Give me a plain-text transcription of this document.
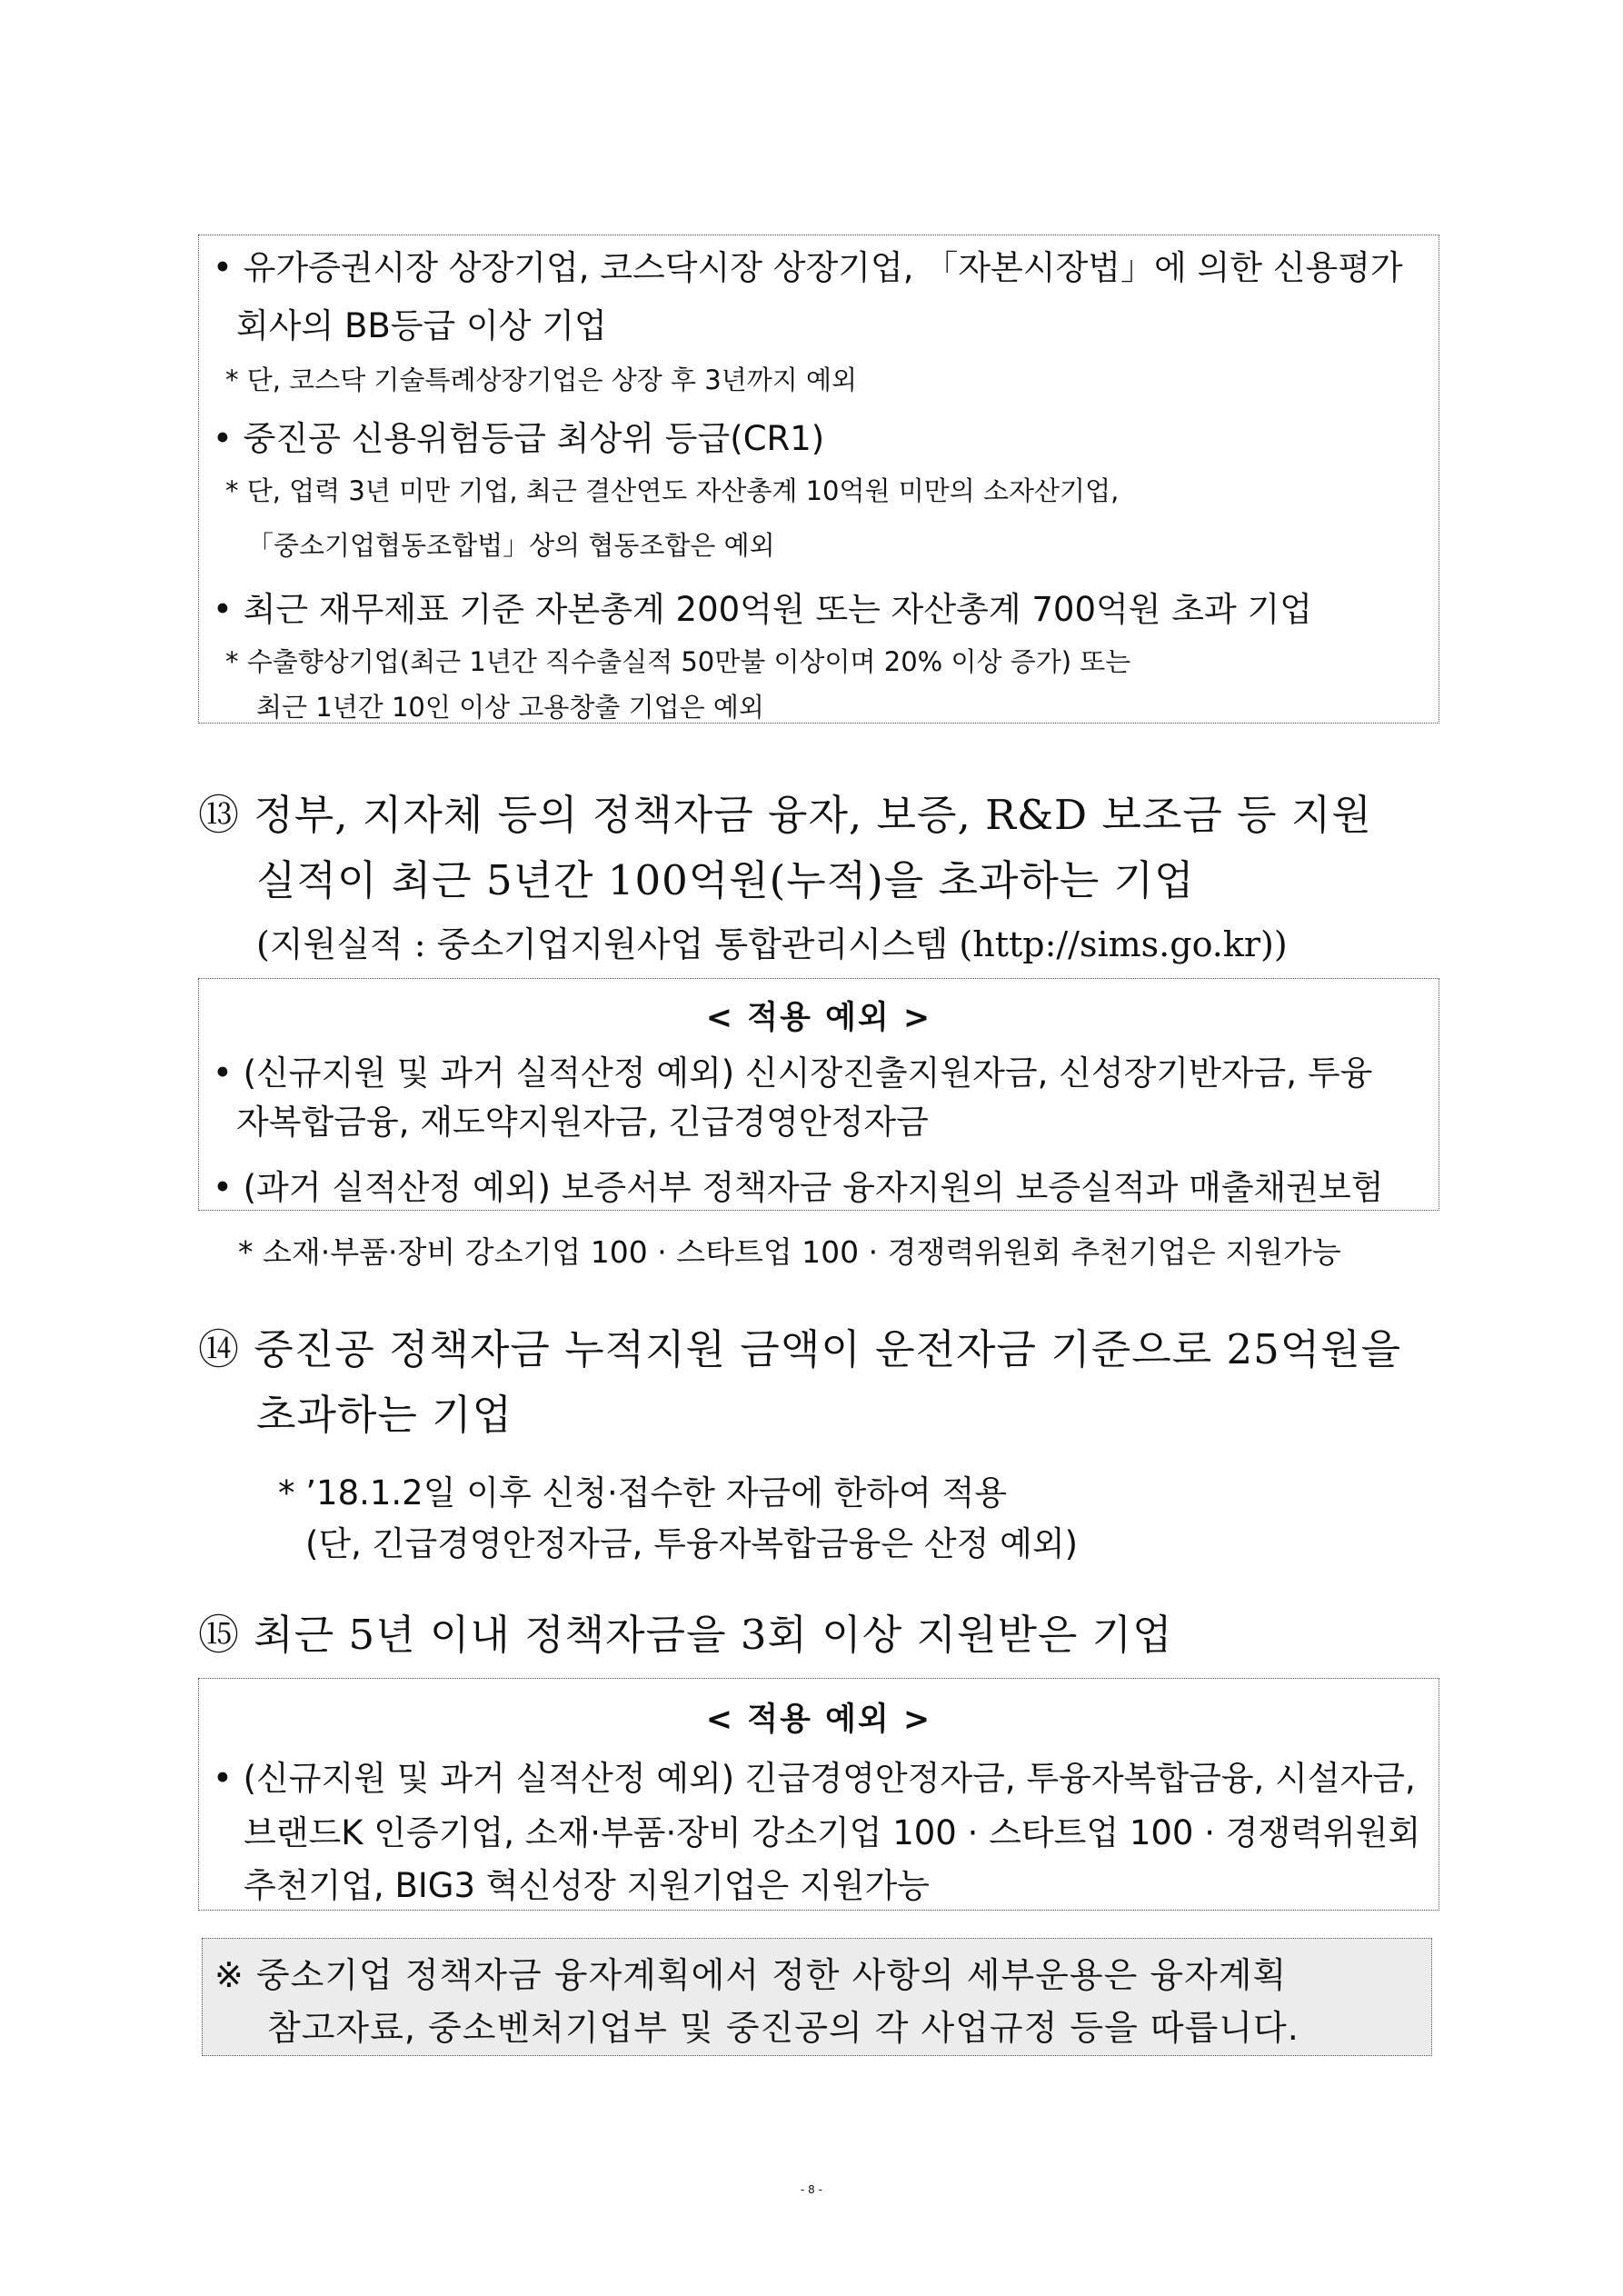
• 유가증권시장 상장기업, 코스닥시장 상장기업, 「자본시장법」에 의한 신용평가
회사의 BB등급 이상 기업
* 단, 코스닥 기술특례상장기업은 상장 후 3년까지 예외
• 중진공 신용위험등급 최상위 등급(CR1)
* 단, 업력 3년 미만 기업, 최근 결산연도 자산총계 10억원 미만의 소자산기업,
「중소기업협동조합법」상의 협동조합은 예외
• 최근 재무제표 기준 자본총계 200억원 또는 자산총계 700억원 초과 기업
* 수출향상기업(최근 1년간 직수출실적 50만불 이상이며 20% 이상 증가) 또는
최근 1년간 10인 이상 고용창출 기업은 예외
⑬ 정부, 지자체 등의 정책자금 융자, 보증, R&D 보조금 등 지원
실적이 최근 5년간 100억원(누적)을 초과하는 기업
(지원실적 : 중소기업지원사업 통합관리시스템 (http://sims.go.kr))
< 적용 예외 >
• (신규지원 및 과거 실적산정 예외) 신시장진출지원자금, 신성장기반자금, 투융
자복합금융, 재도약지원자금, 긴급경영안정자금
• (과거 실적산정 예외) 보증서부 정책자금 융자지원의 보증실적과 매출채권보험
* 소재·부품·장비 강소기업 100 · 스타트업 100 · 경쟁력위원회 추천기업은 지원가능
⑭ 중진공 정책자금 누적지원 금액이 운전자금 기준으로 25억원을
초과하는 기업
* ’18.1.2일 이후 신청·접수한 자금에 한하여 적용
(단, 긴급경영안정자금, 투융자복합금융은 산정 예외)
⑮ 최근 5년 이내 정책자금을 3회 이상 지원받은 기업
< 적용 예외 >
• (신규지원 및 과거 실적산정 예외) 긴급경영안정자금, 투융자복합금융, 시설자금,
브랜드K 인증기업, 소재·부품·장비 강소기업 100 · 스타트업 100 · 경쟁력위원회
추천기업, BIG3 혁신성장 지원기업은 지원가능
※ 중소기업 정책자금 융자계획에서 정한 사항의 세부운용은 융자계획
참고자료, 중소벤처기업부 및 중진공의 각 사업규정 등을 따릅니다.
- 8 -
